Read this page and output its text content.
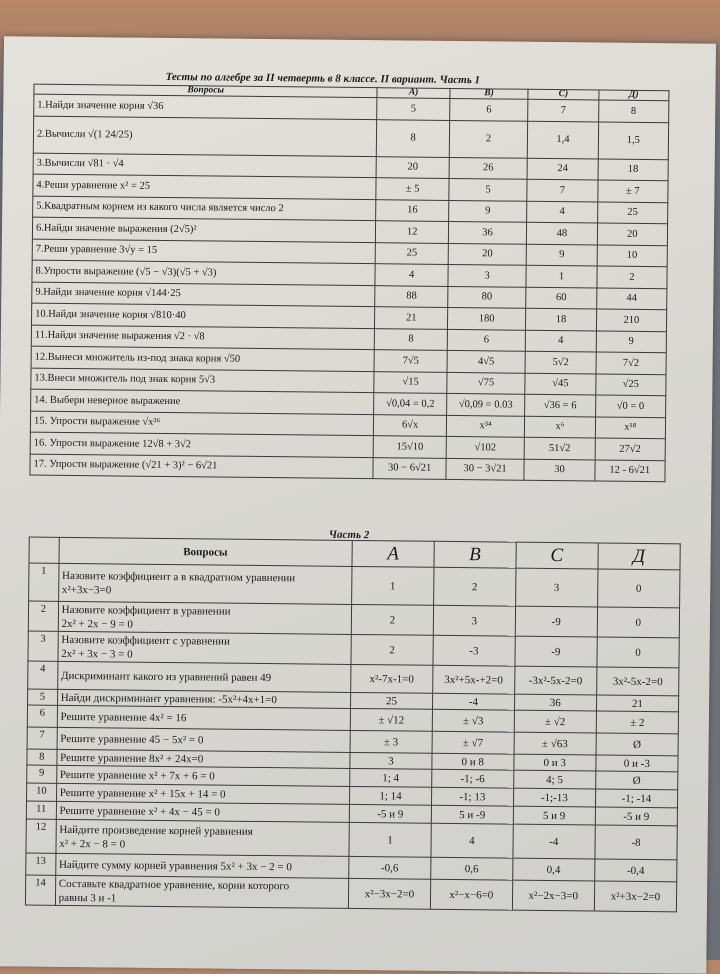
Тесты по алгебре за II четверть в 8 классе. II вариант. Часть 1
Вопросы	A)	B)	C)	Д)
1.Найди значение корня √36	5	6	7	8
2.Вычисли √(1 24/25)	8	2	1,4	1,5
3.Вычисли √81 · √4	20	26	24	18
4.Реши уравнение x² = 25	± 5	5	7	± 7
5.Квадратным корнем из какого числа является число 2	16	9	4	25
6.Найди значение выражения (2√5)²	12	36	48	20
7.Реши уравнение 3√y = 15	25	20	9	10
8.Упрости выражение (√5 − √3)(√5 + √3)	4	3	1	2
9.Найди значение корня √144·25	88	80	60	44
10.Найди значение корня √810·40	21	180	18	210
11.Найди значение выражения √2 · √8	8	6	4	9
12.Вынеси множитель из-под знака корня √50	7√5	4√5	5√2	7√2
13.Внеси множитель под знак корня 5√3	√15	√75	√45	√25
14. Выбери неверное выражение	√0,04 = 0,2	√0,09 = 0.03	√36 = 6	√0 = 0
15. Упрости выражение √x³⁶	6√x	x³⁴	x⁶	x¹⁸
16. Упрости выражение 12√8 + 3√2	15√10	√102	51√2	27√2
17. Упрости выражение (√21 + 3)² − 6√21	30 − 6√21	30 − 3√21	30	12 - 6√21
Часть 2
	Вопросы	A	B	C	Д
1	Назовите коэффициент a в квадратном уравнении
x²+3x−3=0	1	2	3	0
2	Назовите коэффициент в уравнении
2x² + 2x − 9 = 0	2	3	-9	0
3	Назовите коэффициент c уравнении
2x² + 3x − 3 = 0	2	-3	-9	0
4	Дискриминант какого из уравнений равен 49	x²-7x-1=0	3x²+5x-+2=0	-3x²-5x-2=0	3x²-5x-2=0
5	Найди дискриминант уравнения: -5x²+4x+1=0	25	-4	36	21
6	Решите уравнение 4x² = 16	± √12	± √3	± √2	± 2
7	Решите уравнение 45 − 5x² = 0	± 3	± √7	± √63	Ø
8	Решите уравнение 8x² + 24x=0	3	0 и 8	0 и 3	0 и -3
9	Решите уравнение x² + 7x + 6 = 0	1; 4	-1; -6	4; 5	Ø
10	Решите уравнение x² + 15x + 14 = 0	1; 14	-1; 13	-1;-13	-1; -14
11	Решите уравнение x² + 4x − 45 = 0	-5 и 9	5 и -9	5 и 9	-5 и 9
12	Найдите произведение корней уравнения
x² + 2x − 8 = 0	1	4	-4	-8
13	Найдите сумму корней уравнения 5x² + 3x − 2 = 0	-0,6	0,6	0,4	-0,4
14	Составьте квадратное уравнение, корни которого
равны 3 и -1	x²−3x−2=0	x²−x−6=0	x²−2x−3=0	x²+3x−2=0
